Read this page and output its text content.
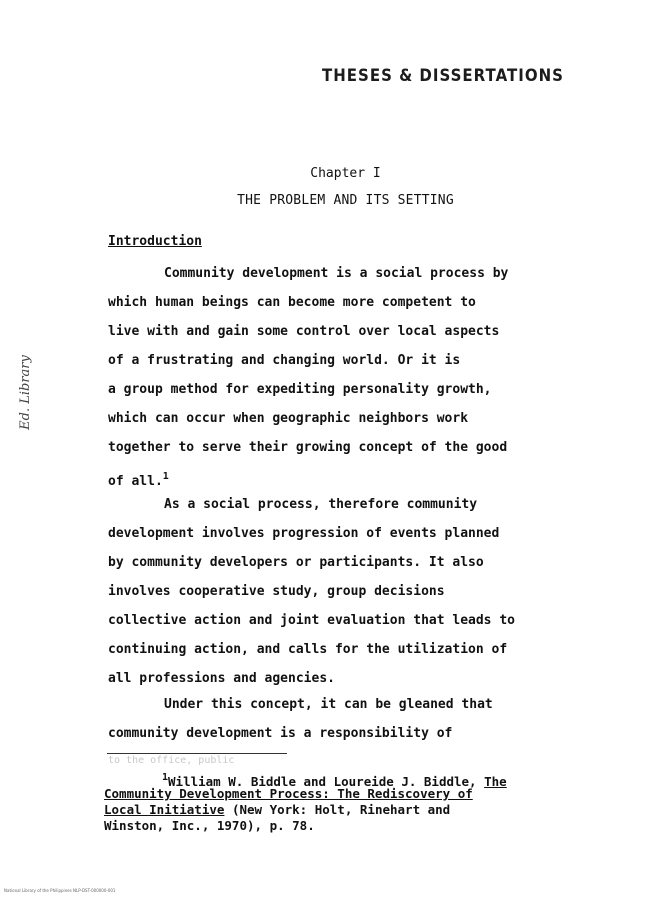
THESES & DISSERTATIONS
Ed. Library
Chapter I
THE PROBLEM AND ITS SETTING
Introduction
Community development is a social process by
which human beings can become more competent to
live with and gain some control over local aspects
of a frustrating and changing world. Or it is
a group method for expediting personality growth,
which can occur when geographic neighbors work
together to serve their growing concept of the good
of all.$^1$
As a social process, therefore community
development involves progression of events planned
by community developers or participants. It also
involves cooperative study, group decisions
collective action and joint evaluation that leads to
continuing action, and calls for the utilization of
all professions and agencies.
Under this concept, it can be gleaned that
community development is a responsibility of
to the office, public
$^1$William W. Biddle and Loureide J. Biddle, The
Community Development Process: The Rediscovery of
Local Initiative (New York: Holt, Rinehart and
Winston, Inc., 1970), p. 78.
National Library of the Philippines NLP-DST-000000-001
